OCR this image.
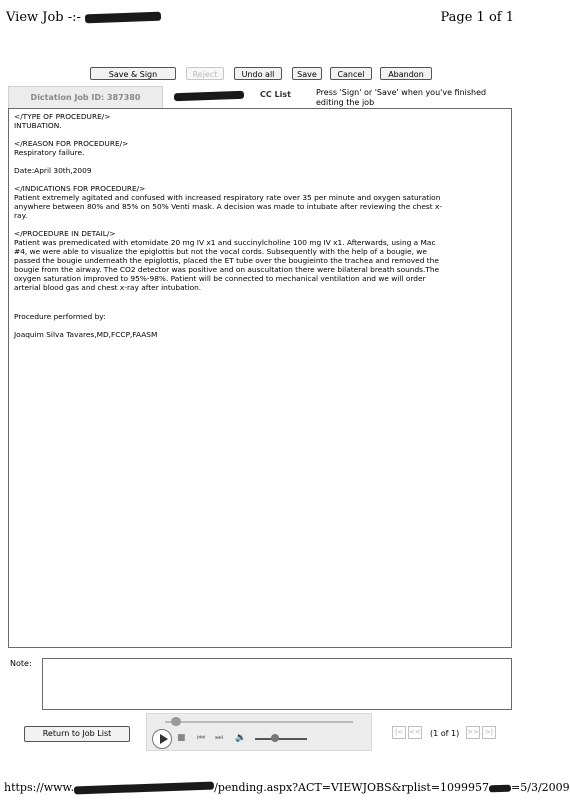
View Job -:-	Page 1 of 1
Save & Sign	Reject	Undo all	Save	Cancel	Abandon
Dictation Job ID: 387380	CC List	Press 'Sign' or 'Save' when you've finished editing the job

</TYPE OF PROCEDURE/>
INTUBATION.

</REASON FOR PROCEDURE/>
Respiratory failure.

Date:April 30th,2009

</INDICATIONS FOR PROCEDURE/>
Patient extremely agitated and confused with increased respiratory rate over 35 per minute and oxygen saturation
anywhere between 80% and 85% on 50% Venti mask. A decision was made to intubate after reviewing the chest x-
ray.

</PROCEDURE IN DETAIL/>
Patient was premedicated with etomidate 20 mg IV x1 and succinylcholine 100 mg IV x1. Afterwards, using a Mac
#4, we were able to visualize the epiglottis but not the vocal cords. Subsequently with the help of a bougie, we
passed the bougie underneath the epiglottis, placed the ET tube over the bougieinto the trachea and removed the
bougie from the airway. The CO2 detector was positive and on auscultation there were bilateral breath sounds.The
oxygen saturation improved to 95%-98%. Patient will be connected to mechanical ventilation and we will order
arterial blood gas and chest x-ray after intubation.

Procedure performed by:

Joaquim Silva Tavares,MD,FCCP,FAASM

Note:
Return to Job List	■ ⏮ ⏭ 🔉
|< << (1 of 1) >> >|
https://www.	/pending.aspx?ACT=VIEWJOBS&rplist=1099957 =5/3/2009
